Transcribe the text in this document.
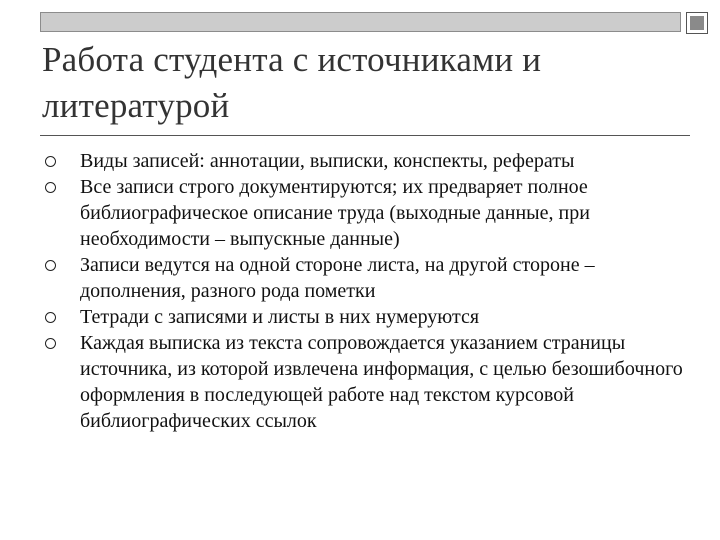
Работа студента с источниками и литературой
Виды записей: аннотации, выписки, конспекты, рефераты
Все записи строго документируются; их предваряет полное библиографическое описание труда (выходные данные, при необходимости – выпускные данные)
Записи ведутся на одной стороне листа, на другой стороне – дополнения, разного рода пометки
Тетради с записями и листы в них нумеруются
Каждая выписка из текста сопровождается указанием страницы источника, из которой извлечена информация, с целью безошибочного оформления в последующей работе над текстом курсовой библиографических ссылок
